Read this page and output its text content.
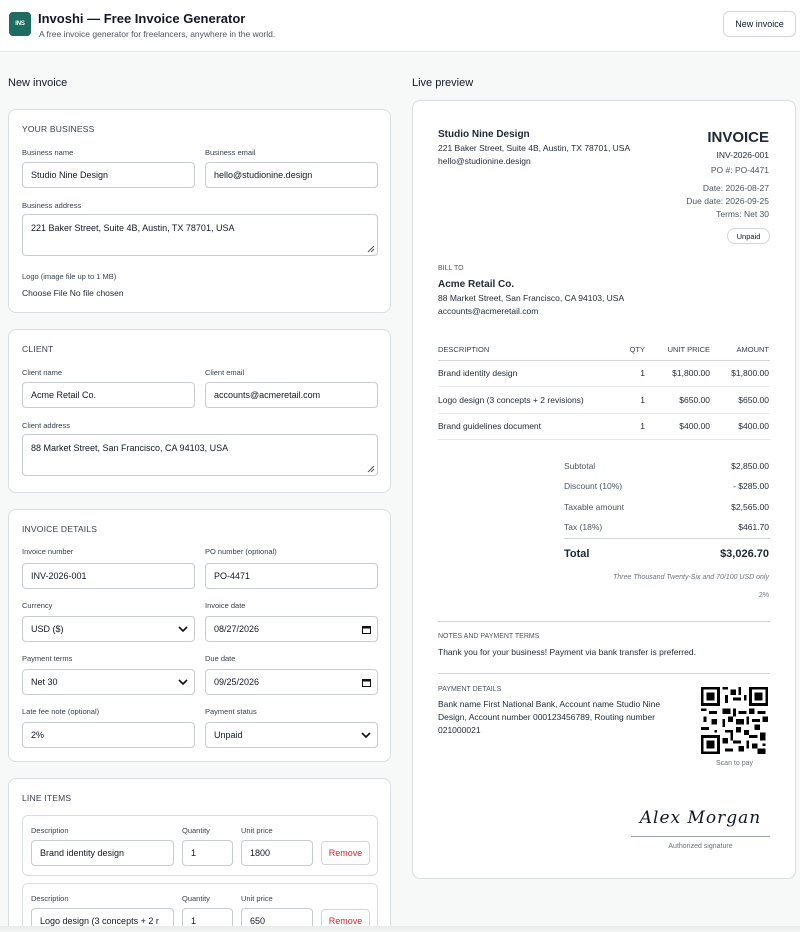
INS	Invoshi — Free Invoice Generator
A free invoice generator for freelancers, anywhere in the world.
New invoice
New invoice	Live preview
YOUR BUSINESS
Business name
Studio Nine Design
Business email
hello@studionine.design
Business address
221 Baker Street, Suite 4B, Austin, TX 78701, USA
Logo (image file up to 1 MB)
Choose File No file chosen
CLIENT
Client name
Acme Retail Co.
Client email
accounts@acmeretail.com
Client address
88 Market Street, San Francisco, CA 94103, USA
INVOICE DETAILS
Invoice number
INV-2026-001
PO number (optional)
PO-4471
Currency
USD ($)
Invoice date
08/27/2026
Payment terms
Net 30
Due date
09/25/2026
Late fee note (optional)
2%
Payment status
Unpaid
LINE ITEMS
Description
Brand identity design
Quantity
1
Unit price
1800	Remove
Description
Logo design (3 concepts + 2 r
Quantity
1
Unit price
650	Remove
Studio Nine Design
221 Baker Street, Suite 4B, Austin, TX 78701, USA
hello@studionine.design
INVOICE
INV-2026-001
PO #: PO-4471
Date: 2026-08-27
Due date: 2026-09-25
Terms: Net 30
Unpaid
BILL TO
Acme Retail Co.
88 Market Street, San Francisco, CA 94103, USA
accounts@acmeretail.com
DESCRIPTION	QTY	UNIT PRICE	AMOUNT
Brand identity design	1	$1,800.00 $1,800.00
Logo design (3 concepts + 2 revisions)	1	$650.00	$650.00
Brand guidelines document	1	$400.00	$400.00
Subtotal	$2,850.00
Discount (10%)	- $285.00
Taxable amount	$2,565.00
Tax (18%)	$461.70
Total	$3,026.70
Three Thousand Twenty-Six and 70/100 USD only
2%
NOTES AND PAYMENT TERMS
Thank you for your business! Payment via bank transfer is preferred.
PAYMENT DETAILS
Bank name First National Bank, Account name Studio Nine
Design, Account number 000123456789, Routing number
021000021
Scan to pay
Alex Morgan
Authorized signature
